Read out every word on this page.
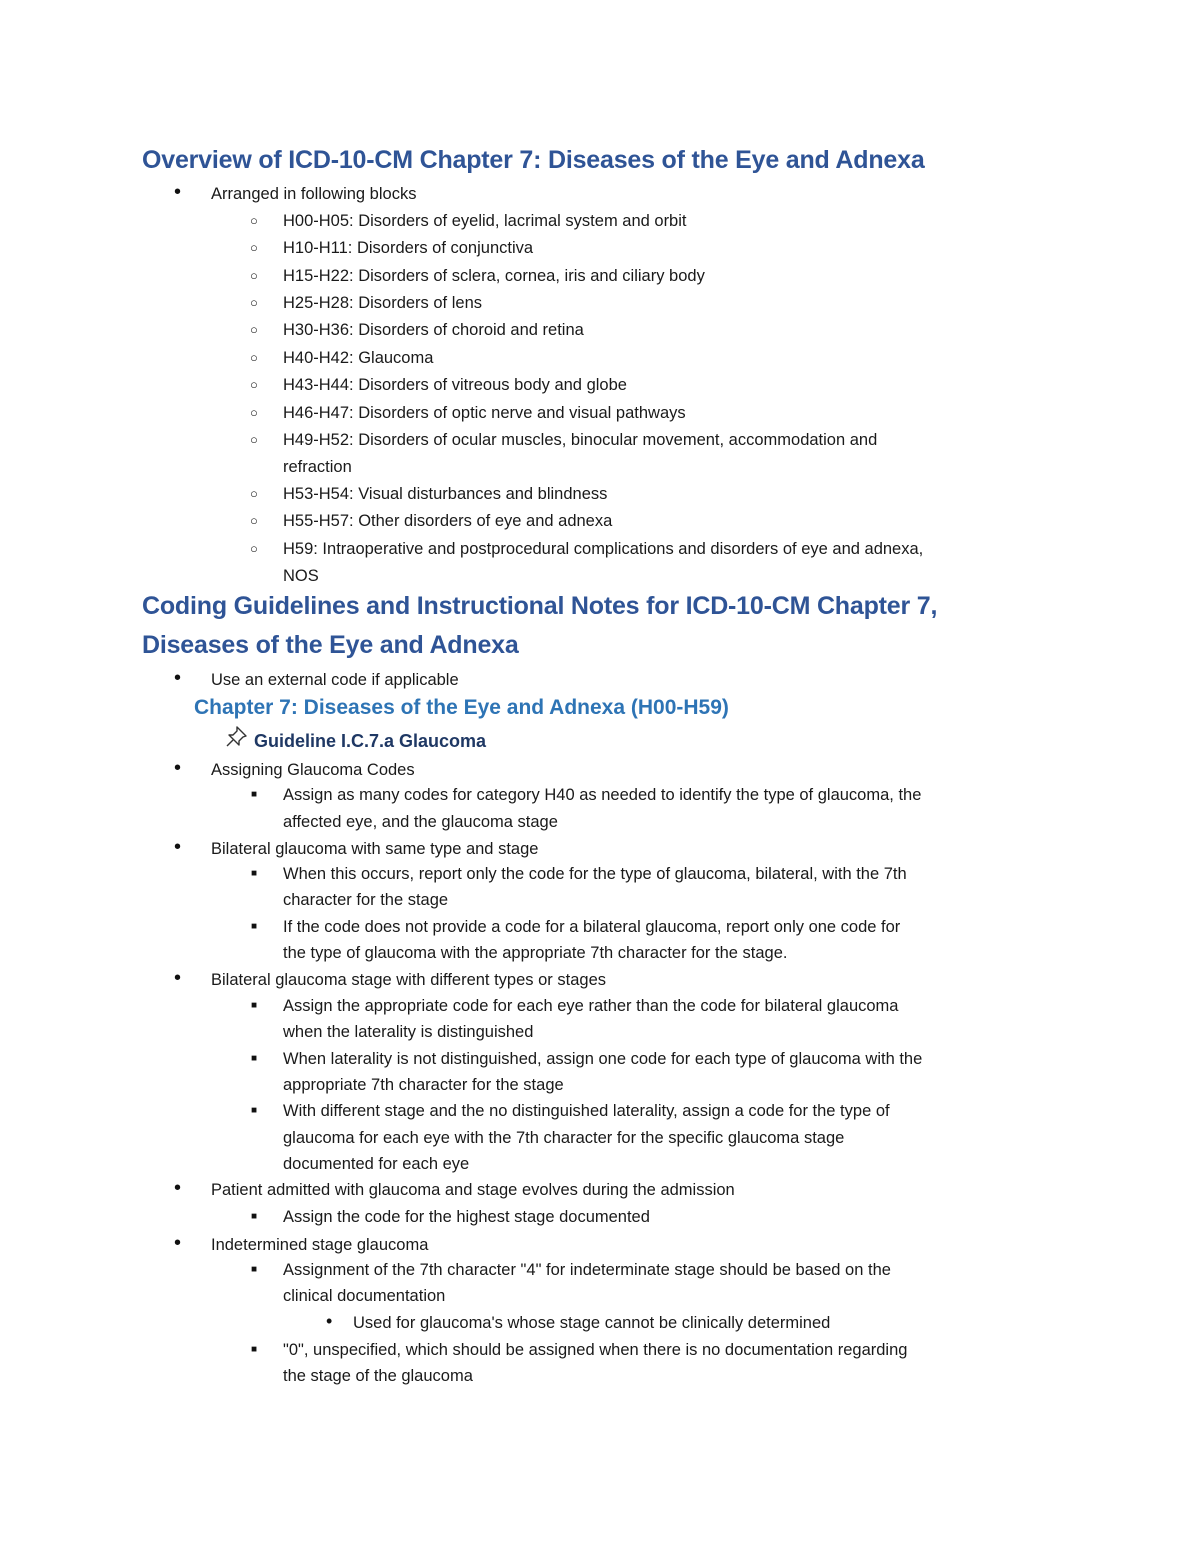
Overview of ICD-10-CM Chapter 7: Diseases of the Eye and Adnexa
• Arranged in following blocks
○ H00-H05: Disorders of eyelid, lacrimal system and orbit
○ H10-H11: Disorders of conjunctiva
○ H15-H22: Disorders of sclera, cornea, iris and ciliary body
○ H25-H28: Disorders of lens
○ H30-H36: Disorders of choroid and retina
○ H40-H42: Glaucoma
○ H43-H44: Disorders of vitreous body and globe
○ H46-H47: Disorders of optic nerve and visual pathways
○ H49-H52: Disorders of ocular muscles, binocular movement, accommodation and
refraction
○ H53-H54: Visual disturbances and blindness
○ H55-H57: Other disorders of eye and adnexa
○ H59: Intraoperative and postprocedural complications and disorders of eye and adnexa,
NOS
Coding Guidelines and Instructional Notes for ICD-10-CM Chapter 7,
Diseases of the Eye and Adnexa
• Use an external code if applicable
Chapter 7: Diseases of the Eye and Adnexa (H00-H59)
Guideline I.C.7.a Glaucoma
• Assigning Glaucoma Codes
■ Assign as many codes for category H40 as needed to identify the type of glaucoma, the
affected eye, and the glaucoma stage
• Bilateral glaucoma with same type and stage
■ When this occurs, report only the code for the type of glaucoma, bilateral, with the 7th
character for the stage
■ If the code does not provide a code for a bilateral glaucoma, report only one code for
the type of glaucoma with the appropriate 7th character for the stage.
• Bilateral glaucoma stage with different types or stages
■ Assign the appropriate code for each eye rather than the code for bilateral glaucoma
when the laterality is distinguished
■ When laterality is not distinguished, assign one code for each type of glaucoma with the
appropriate 7th character for the stage
■ With different stage and the no distinguished laterality, assign a code for the type of
glaucoma for each eye with the 7th character for the specific glaucoma stage
documented for each eye
• Patient admitted with glaucoma and stage evolves during the admission
■ Assign the code for the highest stage documented
• Indetermined stage glaucoma
■ Assignment of the 7th character "4" for indeterminate stage should be based on the
clinical documentation
• Used for glaucoma's whose stage cannot be clinically determined
■ "0", unspecified, which should be assigned when there is no documentation regarding
the stage of the glaucoma
